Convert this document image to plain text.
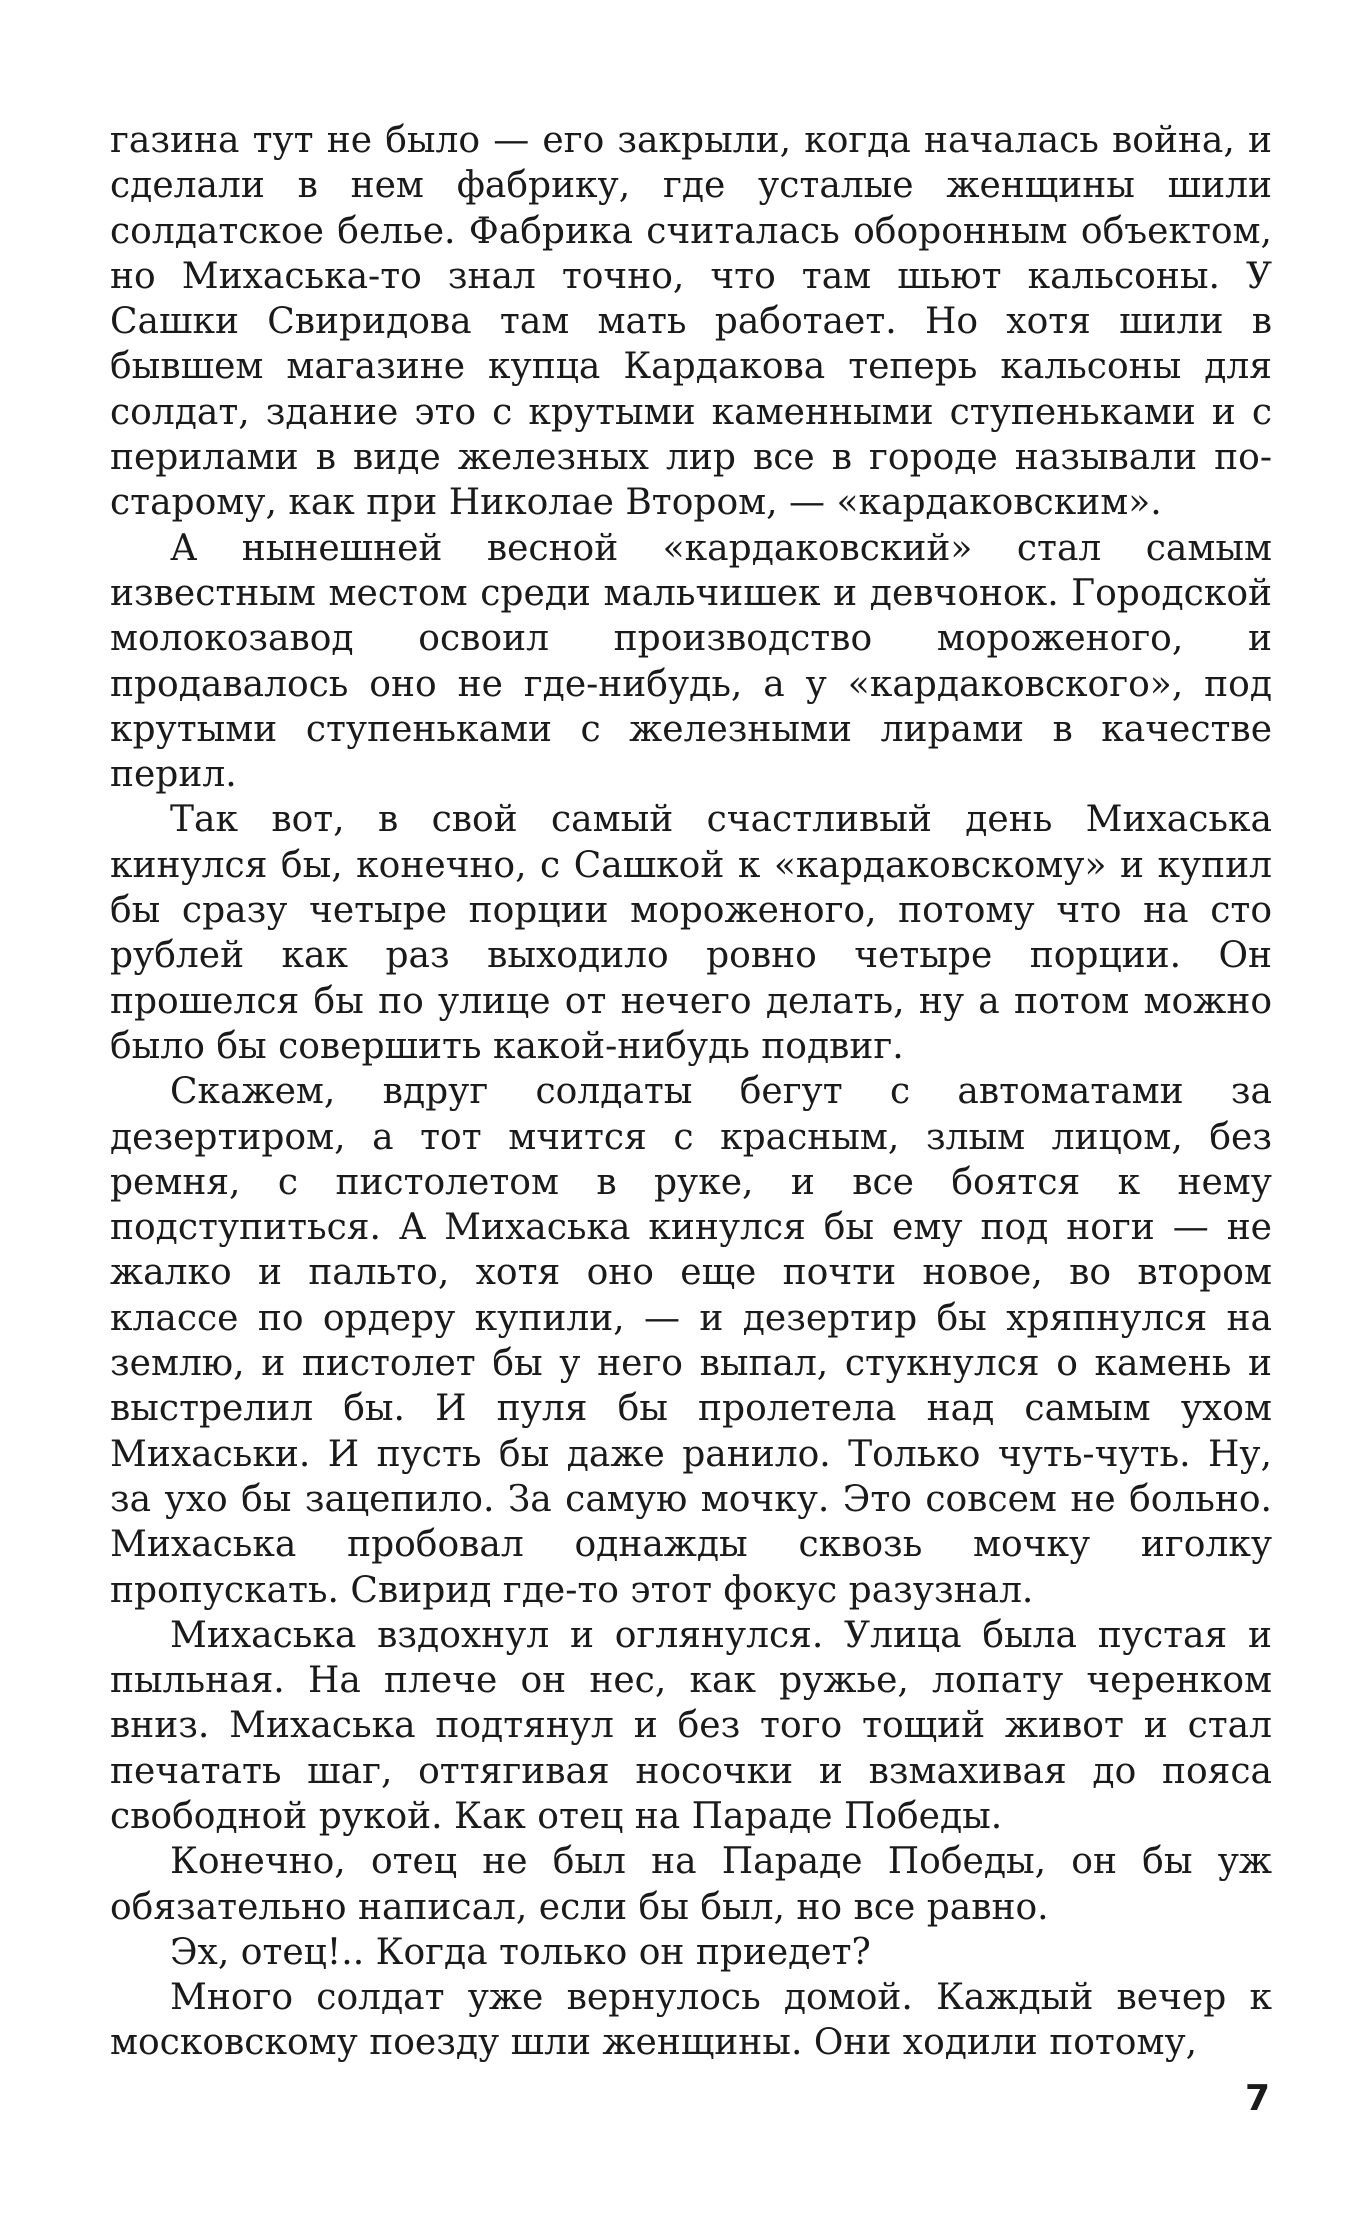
газина тут не было — его закрыли, когда началась война, и сделали в нем фабрику, где усталые женщины шили солдатское белье. Фабрика считалась оборонным объектом, но Михаська-то знал точно, что там шьют кальсоны. У Сашки Свиридова там мать работает. Но хотя шили в бывшем магазине купца Кардакова теперь кальсоны для солдат, здание это с крутыми каменными ступеньками и с перилами в виде железных лир все в городе называли по-старому, как при Николае Втором, — «кардаковским».

А нынешней весной «кардаковский» стал самым известным местом среди мальчишек и девчонок. Городской молокозавод освоил производство мороженого, и продавалось оно не где-нибудь, а у «кардаковского», под крутыми ступеньками с железными лирами в качестве перил.

Так вот, в свой самый счастливый день Михаська кинулся бы, конечно, с Сашкой к «кардаковскому» и купил бы сразу четыре порции мороженого, потому что на сто рублей как раз выходило ровно четыре порции. Он прошелся бы по улице от нечего делать, ну а потом можно было бы совершить какой-нибудь подвиг.

Скажем, вдруг солдаты бегут с автоматами за дезертиром, а тот мчится с красным, злым лицом, без ремня, с пистолетом в руке, и все боятся к нему подступиться. А Михаська кинулся бы ему под ноги — не жалко и пальто, хотя оно еще почти новое, во втором классе по ордеру купили, — и дезертир бы хряпнулся на землю, и пистолет бы у него выпал, стукнулся о камень и выстрелил бы. И пуля бы пролетела над самым ухом Михаськи. И пусть бы даже ранило. Только чуть-чуть. Ну, за ухо бы зацепило. За самую мочку. Это совсем не больно. Михаська пробовал однажды сквозь мочку иголку пропускать. Свирид где-то этот фокус разузнал.

Михаська вздохнул и оглянулся. Улица была пустая и пыльная. На плече он нес, как ружье, лопату черенком вниз. Михаська подтянул и без того тощий живот и стал печатать шаг, оттягивая носочки и взмахивая до пояса свободной рукой. Как отец на Параде Победы.

Конечно, отец не был на Параде Победы, он бы уж обязательно написал, если бы был, но все равно.

Эх, отец!.. Когда только он приедет?

Много солдат уже вернулось домой. Каждый вечер к московскому поезду шли женщины. Они ходили потому,

7
